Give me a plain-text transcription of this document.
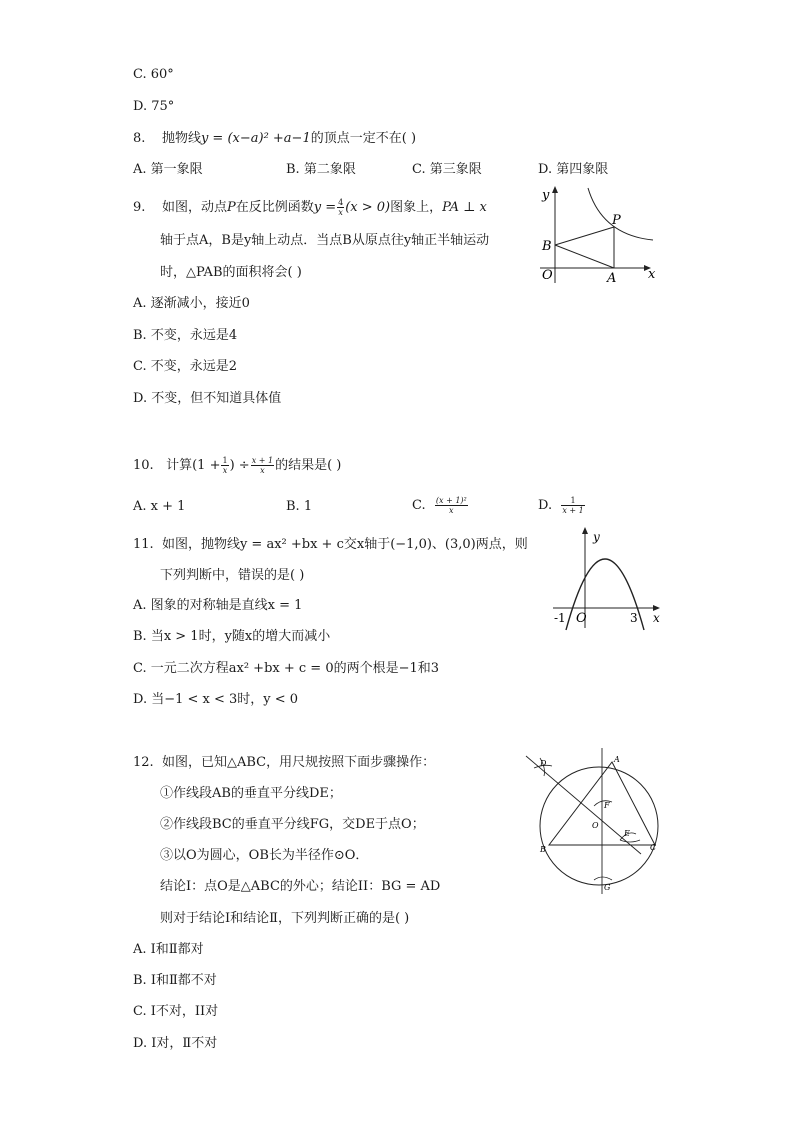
C. 60°
D. 75°
8. 抛物线y = (x−a)² +a−1的顶点一定不在( )
A. 第一象限	B. 第二象限	C. 第三象限	D. 第四象限
9. 如图，动点P在反比例函数$y = \frac{4}{x} (x > 0)$图象上，PA ⊥ x
轴于点A，B是y轴上动点．当点B从原点往y轴正半轴运动
时，△PAB的面积将会( )
A. 逐渐减小，接近0
B. 不变，永远是4
C. 不变，永远是2
D. 不变，但不知道具体值
y
x
P
B
O	A
10. 计算($1 + \frac{1}{x}$ ) ÷ $\frac{x + 1}{x}$ 的结果是( )
A. x + 1	B. 1	C. $\frac{\text{(x + 1)²}}{x}$	D. $\frac{1}{x + 1}$
11. 如图，抛物线y = ax² +bx + c交x轴于(−1,0)、(3,0)两点，则
下列判断中，错误的是( )
A. 图象的对称轴是直线x = 1
B. 当x > 1时，y随x的增大而减小
C. 一元二次方程ax² +bx + c = 0的两个根是−1和3
D. 当−1 < x < 3时，y < 0
y
x
O
-1	3
12. 如图，已知△ABC，用尺规按照下面步骤操作：
①作线段AB的垂直平分线DE；
②作线段BC的垂直平分线FG，交DE于点O；
③以O为圆心，OB长为半径作⊙O．
结论I：点O是△ABC的外心；结论II：BG = AD
则对于结论I和结论Ⅱ，下列判断正确的是( )
A. I和Ⅱ都对
B. I和Ⅱ都不对
C. I不对，II对
D. I对，Ⅱ不对
A
B	C
D
E
F
G
O
